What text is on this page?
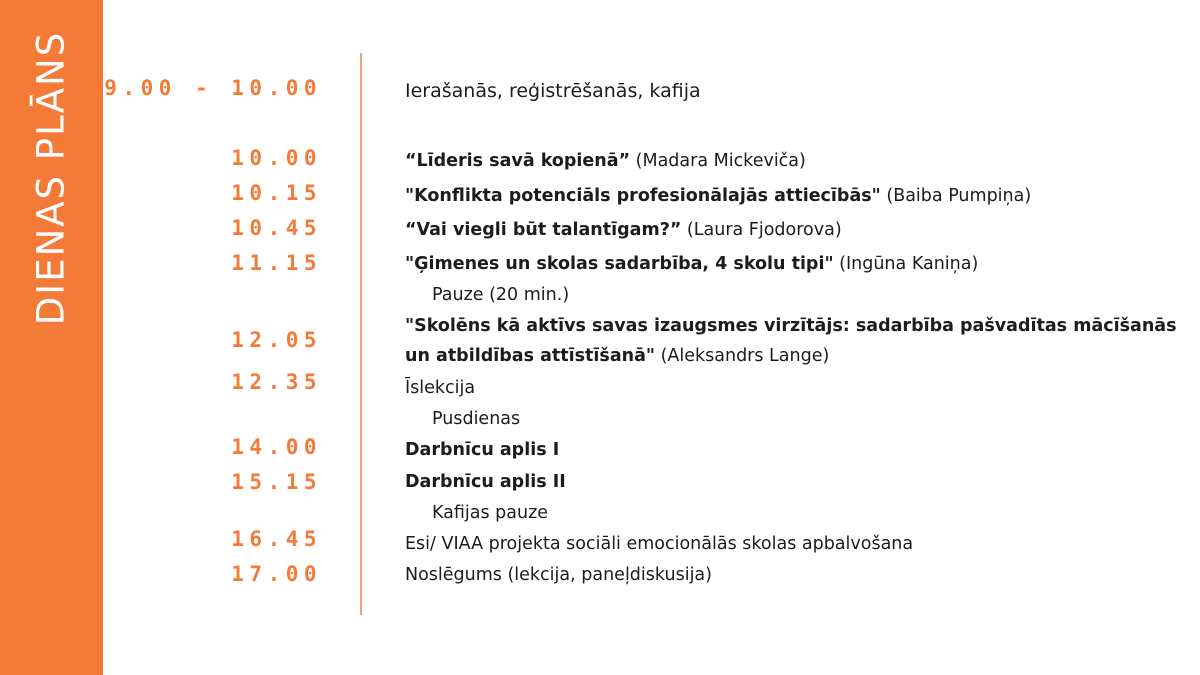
DIENAS PLĀNS 9.00 - 10.00
10.00
10.15
10.45
11.15
12.05
12.35
14.00
15.15
16.45
17.00
Ierašanās, reģistrēšanās, kafija
“Līderis savā kopienā” (Madara Mickeviča)
"Konflikta potenciāls profesionālajās attiecībās" (Baiba Pumpiņa)
“Vai viegli būt talantīgam?” (Laura Fjodorova)
"Ģimenes un skolas sadarbība, 4 skolu tipi" (Ingūna Kaniņa)
Pauze (20 min.)
"Skolēns kā aktīvs savas izaugsmes virzītājs: sadarbība pašvadītas mācīšanās
un atbildības attīstīšanā" (Aleksandrs Lange)
Īslekcija
Pusdienas
Darbnīcu aplis I
Darbnīcu aplis II
Kafijas pauze
Esi/ VIAA projekta sociāli emocionālās skolas apbalvošana
Noslēgums (lekcija, paneļdiskusija)
